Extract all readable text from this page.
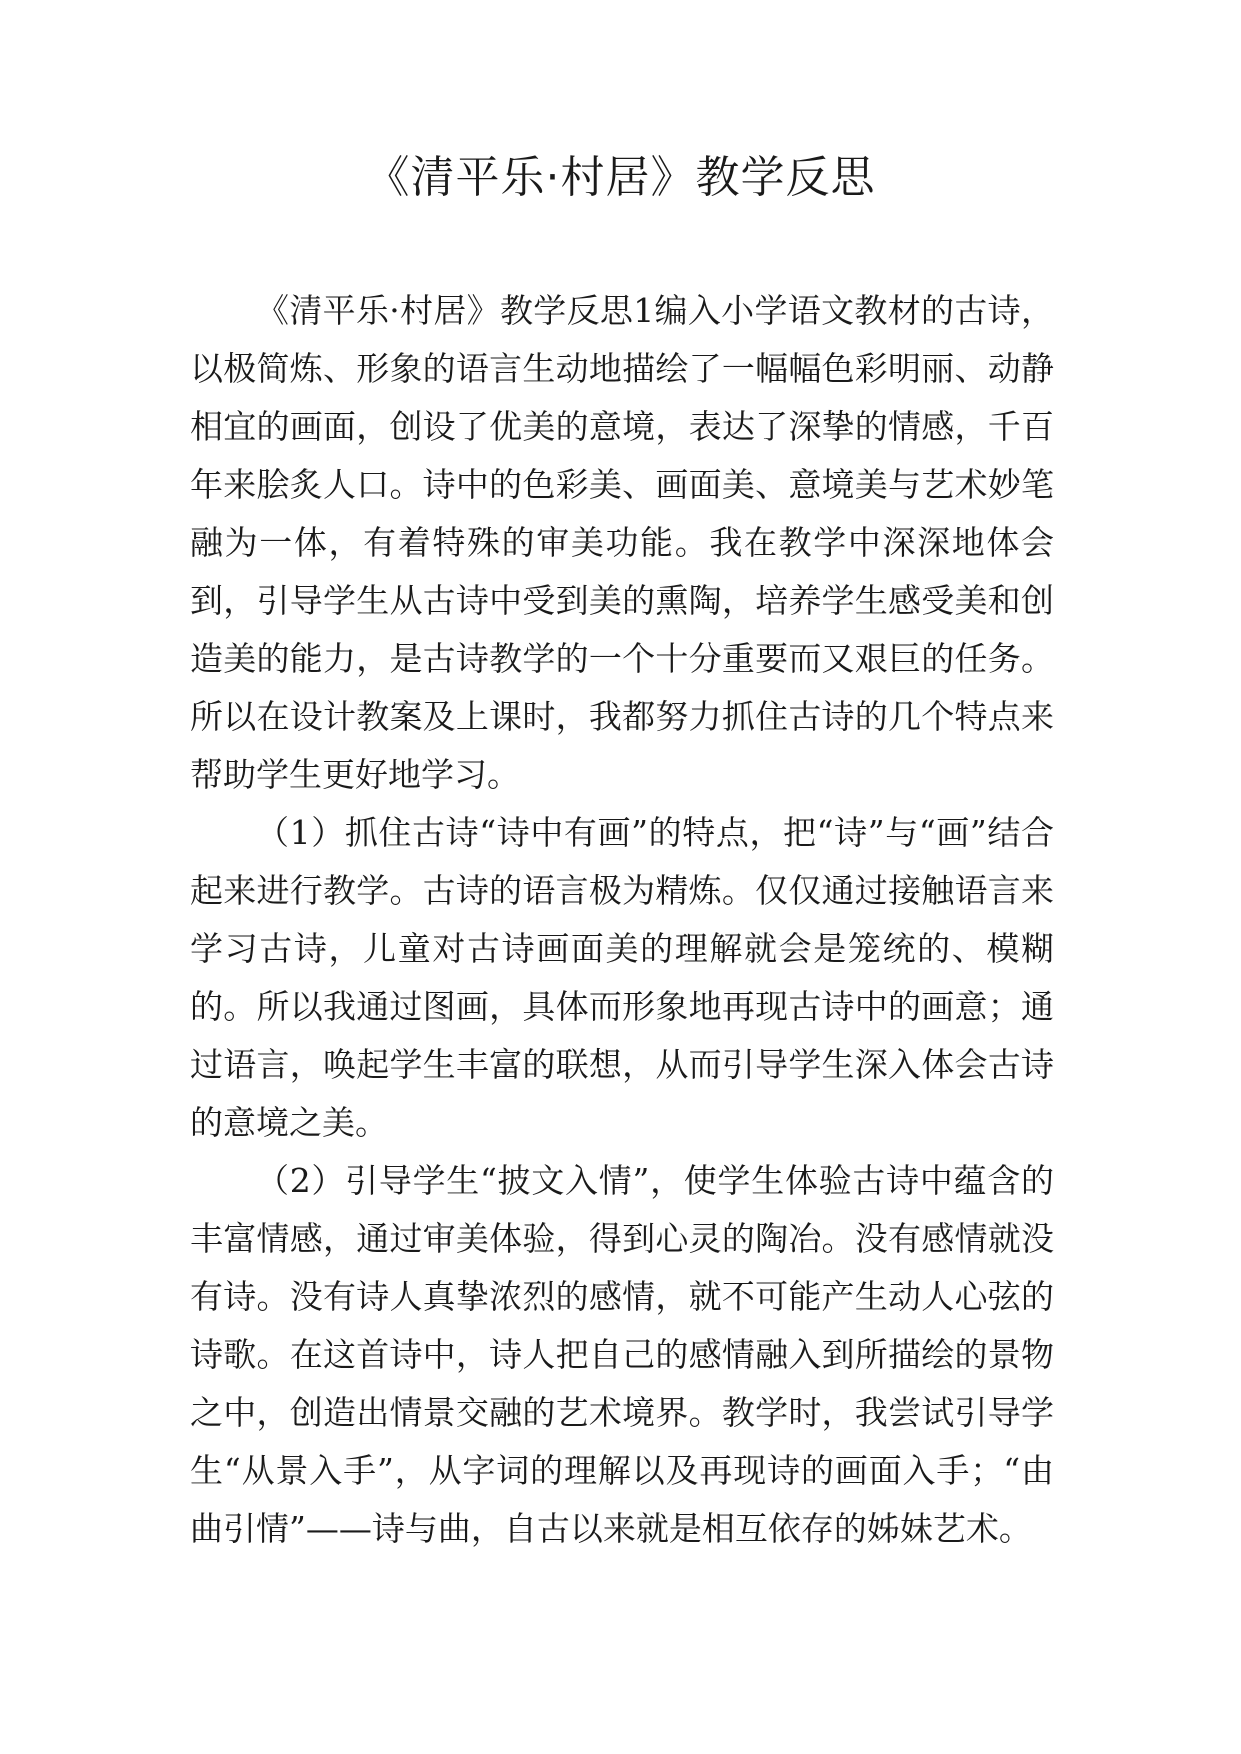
《清平乐·村居》教学反思

《清平乐·村居》教学反思1编入小学语文教材的古诗，以极简炼、形象的语言生动地描绘了一幅幅色彩明丽、动静相宜的画面，创设了优美的意境，表达了深挚的情感，千百年来脍炙人口。诗中的色彩美、画面美、意境美与艺术妙笔融为一体，有着特殊的审美功能。我在教学中深深地体会到，引导学生从古诗中受到美的熏陶，培养学生感受美和创造美的能力，是古诗教学的一个十分重要而又艰巨的任务。所以在设计教案及上课时，我都努力抓住古诗的几个特点来帮助学生更好地学习。

（1）抓住古诗“诗中有画”的特点，把“诗”与“画”结合起来进行教学。古诗的语言极为精炼。仅仅通过接触语言来学习古诗，儿童对古诗画面美的理解就会是笼统的、模糊的。所以我通过图画，具体而形象地再现古诗中的画意；通过语言，唤起学生丰富的联想，从而引导学生深入体会古诗的意境之美。

（2）引导学生“披文入情”，使学生体验古诗中蕴含的丰富情感，通过审美体验，得到心灵的陶冶。没有感情就没有诗。没有诗人真挚浓烈的感情，就不可能产生动人心弦的诗歌。在这首诗中，诗人把自己的感情融入到所描绘的景物之中，创造出情景交融的艺术境界。教学时，我尝试引导学生“从景入手”，从字词的理解以及再现诗的画面入手；“由曲引情”——诗与曲，自古以来就是相互依存的姊妹艺术。
